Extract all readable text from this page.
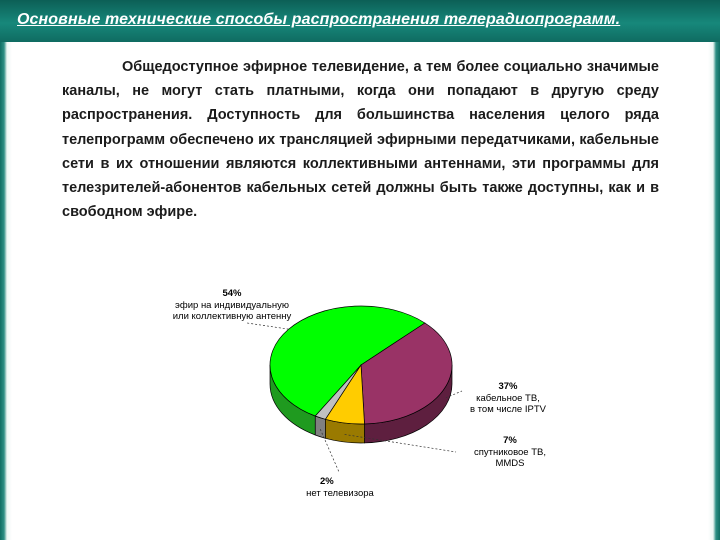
Основные технические способы распространения телерадиопрограмм.
Общедоступное эфирное телевидение, а тем более социально значимые каналы, не могут стать платными, когда они попадают в другую среду распространения. Доступность для большинства населения целого ряда телепрограмм обеспечено их трансляцией эфирными передатчиками, кабельные сети в их отношении являются коллективными антеннами, эти программы для телезрителей-абонентов кабельных сетей должны быть также доступны, как и в свободном эфире.
54%
эфир на индивидуальную
или коллективную антенну
37%
кабельное ТВ,
в том числе IPTV
7%
спутниковое ТВ,
MMDS
2%
нет телевизора
